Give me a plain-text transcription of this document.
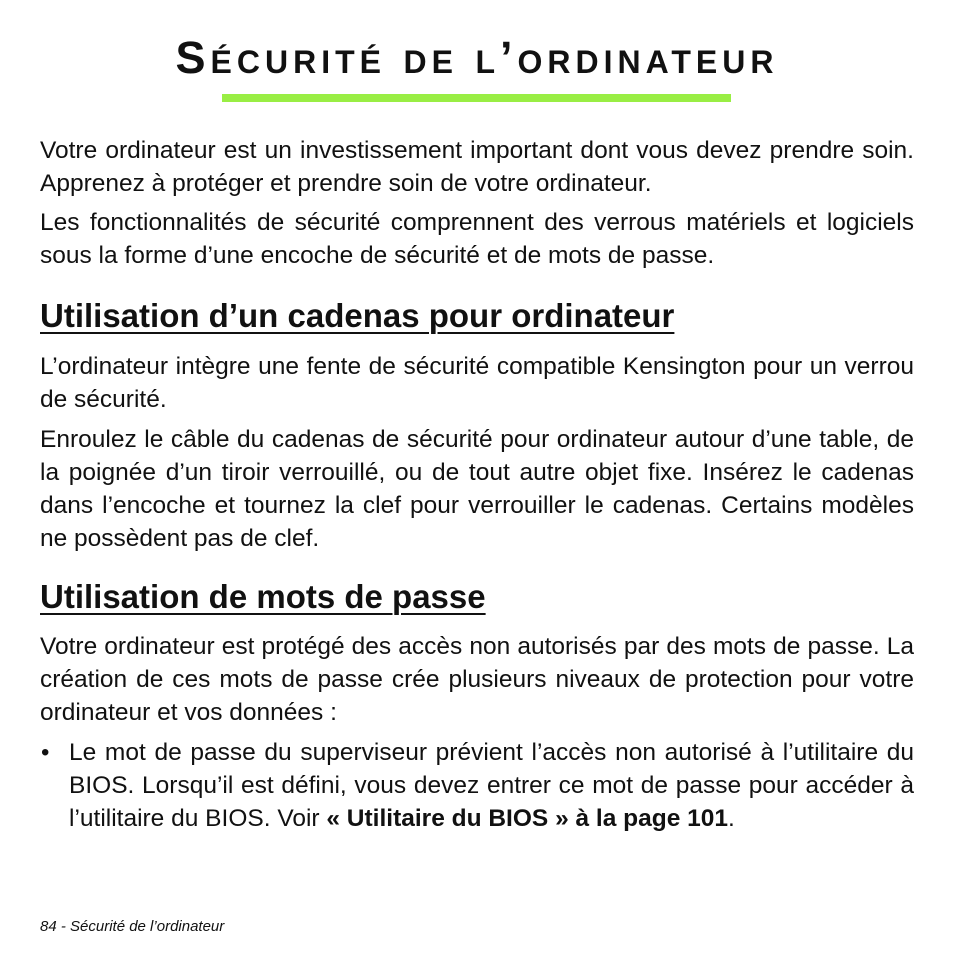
Sécurité de l’ordinateur

Votre ordinateur est un investissement important dont vous devez prendre soin. Apprenez à protéger et prendre soin de votre ordinateur.

Les fonctionnalités de sécurité comprennent des verrous matériels et logiciels sous la forme d’une encoche de sécurité et de mots de passe.

Utilisation d’un cadenas pour ordinateur

L’ordinateur intègre une fente de sécurité compatible Kensington pour un verrou de sécurité.

Enroulez le câble du cadenas de sécurité pour ordinateur autour d’une table, de la poignée d’un tiroir verrouillé, ou de tout autre objet fixe. Insérez le cadenas dans l’encoche et tournez la clef pour verrouiller le cadenas. Certains modèles ne possèdent pas de clef.

Utilisation de mots de passe

Votre ordinateur est protégé des accès non autorisés par des mots de passe. La création de ces mots de passe crée plusieurs niveaux de protection pour votre ordinateur et vos données :

• Le mot de passe du superviseur prévient l’accès non autorisé à l’utilitaire du BIOS. Lorsqu’il est défini, vous devez entrer ce mot de passe pour accéder à l’utilitaire du BIOS. Voir « Utilitaire du BIOS » à la page 101.

84 - Sécurité de l’ordinateur
